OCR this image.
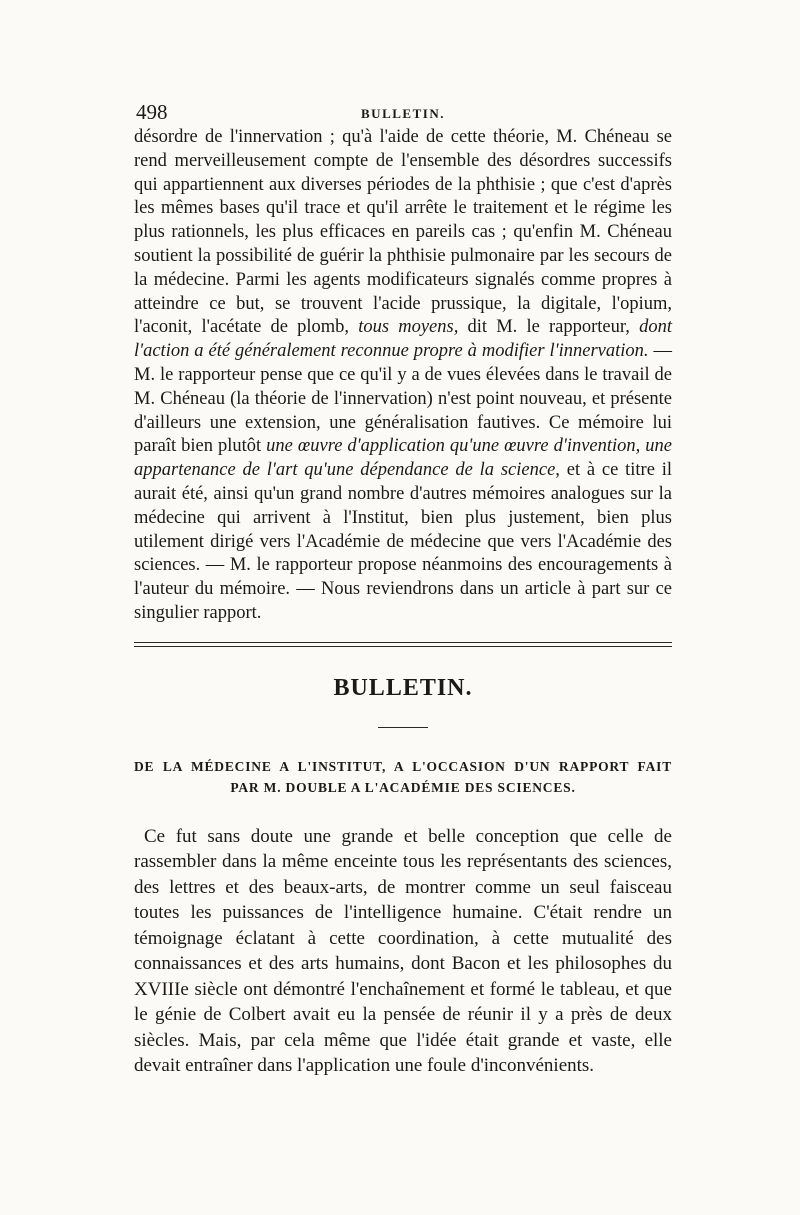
498	BULLETIN.

désordre de l'innervation ; qu'à l'aide de cette théorie, M. Chéneau se rend merveilleusement compte de l'ensemble des désordres successifs qui appartiennent aux diverses périodes de la phthisie ; que c'est d'après les mêmes bases qu'il trace et qu'il arrête le traitement et le régime les plus rationnels, les plus efficaces en pareils cas ; qu'enfin M. Chéneau soutient la possibilité de guérir la phthisie pulmonaire par les secours de la médecine. Parmi les agents modificateurs signalés comme propres à atteindre ce but, se trouvent l'acide prussique, la digitale, l'opium, l'aconit, l'acétate de plomb, tous moyens, dit M. le rapporteur, dont l'action a été généralement reconnue propre à modifier l'innervation. — M. le rapporteur pense que ce qu'il y a de vues élevées dans le travail de M. Chéneau (la théorie de l'innervation) n'est point nouveau, et présente d'ailleurs une extension, une généralisation fautives. Ce mémoire lui paraît bien plutôt une œuvre d'application qu'une œuvre d'invention, une appartenance de l'art qu'une dépendance de la science, et à ce titre il aurait été, ainsi qu'un grand nombre d'autres mémoires analogues sur la médecine qui arrivent à l'Institut, bien plus justement, bien plus utilement dirigé vers l'Académie de médecine que vers l'Académie des sciences. — M. le rapporteur propose néanmoins des encouragements à l'auteur du mémoire. — Nous reviendrons dans un article à part sur ce singulier rapport.

BULLETIN.
DE LA MÉDECINE A L'INSTITUT, A L'OCCASION D'UN RAPPORT FAIT
PAR M. DOUBLE A L'ACADÉMIE DES SCIENCES.

Ce fut sans doute une grande et belle conception que celle de rassembler dans la même enceinte tous les représentants des sciences, des lettres et des beaux-arts, de montrer comme un seul faisceau toutes les puissances de l'intelligence humaine. C'était rendre un témoignage éclatant à cette coordination, à cette mutualité des connaissances et des arts humains, dont Bacon et les philosophes du XVIIIe siècle ont démontré l'enchaînement et formé le tableau, et que le génie de Colbert avait eu la pensée de réunir il y a près de deux siècles. Mais, par cela même que l'idée était grande et vaste, elle devait entraîner dans l'application une foule d'inconvénients.
